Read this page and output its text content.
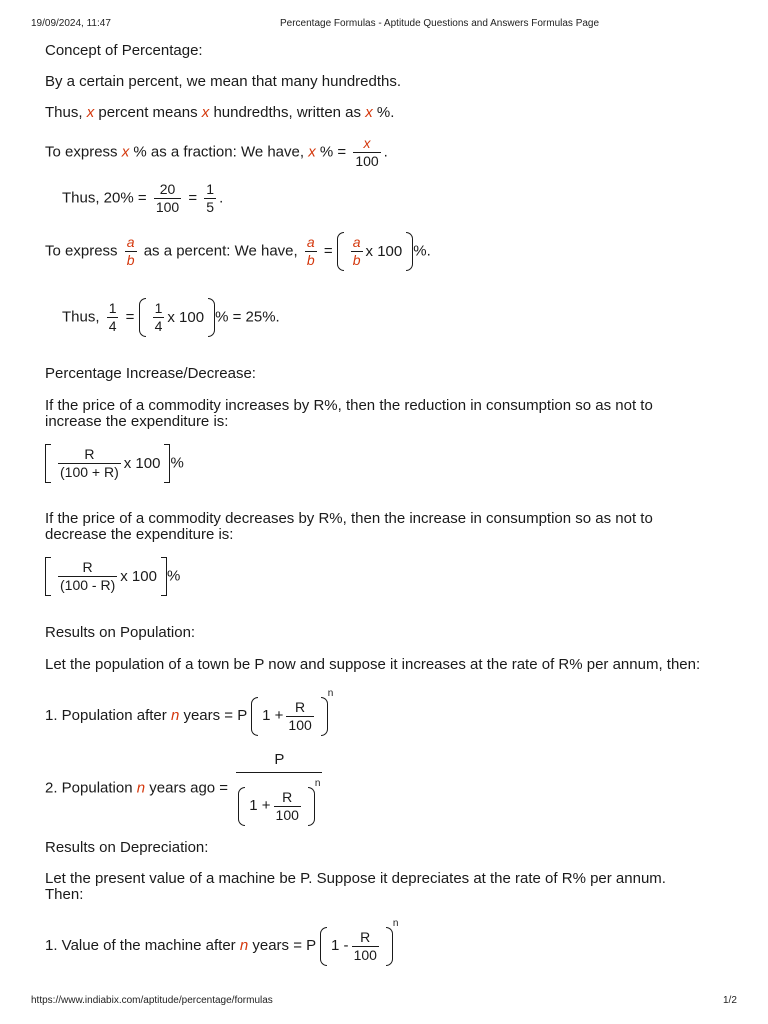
19/09/2024, 11:47	Percentage Formulas - Aptitude Questions and Answers Formulas Page
Concept of Percentage:
By a certain percent, we mean that many hundredths.
Thus, x percent means x hundredths, written as x %.
To express x % as a fraction: We have, x % = $\frac{x}{100}$ .
Thus, $20\% = \frac{20}{100} = \frac{1}{5}$ .
To express $\frac{a}{b}$ as a percent: We have, $\frac{a}{b} = \frac{a}{b}$ x 100 %.
Thus, $\frac{1}{4} = \frac{1}{4}$ x 100 % = 25%.
Percentage Increase/Decrease:
If the price of a commodity increases by R%, then the reduction in consumption so as not to
increase the expenditure is:
$\frac{R}{(100 + R)}$ x 100 %
If the price of a commodity decreases by R%, then the increase in consumption so as not to
decrease the expenditure is:
$\frac{R}{(100 - R)}$ x 100 %
Results on Population:
Let the population of a town be P now and suppose it increases at the rate of R% per annum, then:
1. Population after n years = P $1 + \frac{R}{100}$
$^n$
2. Population n years ago = P
$1 + \frac{R}{100}$
$^n$
Results on Depreciation:
Let the present value of a machine be P. Suppose it depreciates at the rate of R% per annum.
Then:
1. Value of the machine after n years = P $1 - \frac{R}{100}$
$^n$
https://www.indiabix.com/aptitude/percentage/formulas	1/2
